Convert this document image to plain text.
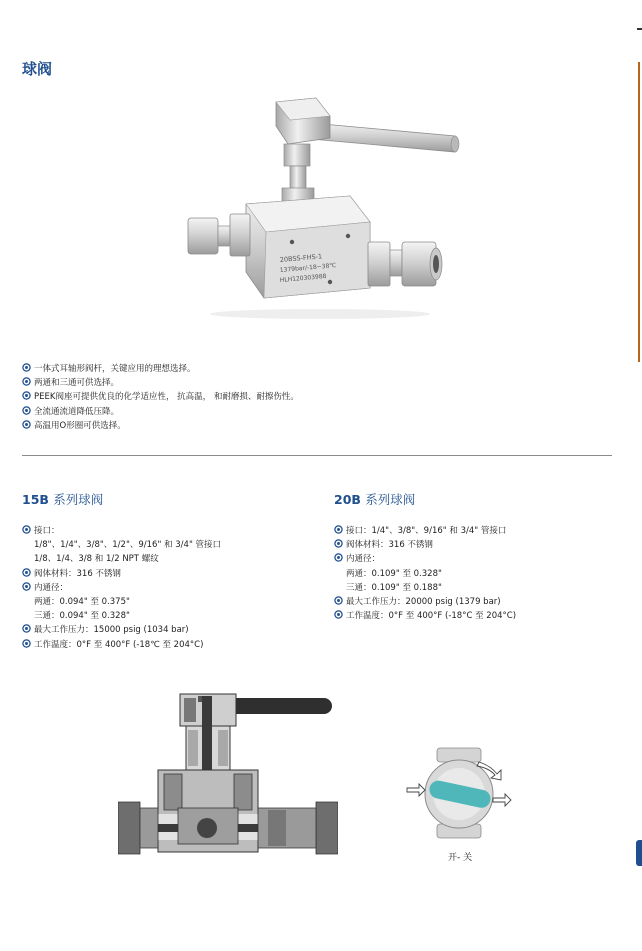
球阀
20BSS-FHS-1
1379bar/-18~38℃
HLH120303988
一体式耳轴形阀杆，关键应用的理想选择。
两通和三通可供选择。
PEEK阀座可提供优良的化学适应性， 抗高温， 和耐磨损、耐擦伤性。
全流通流道降低压降。
高温用O形圈可供选择。
15B 系列球阀
接口：
1/8"、1/4"、3/8"、1/2"、9/16" 和 3/4" 管接口
1/8、1/4、3/8 和 1/2 NPT 螺纹
阀体材料：316 不锈钢
内通径：
两通：0.094" 至 0.375"
三通：0.094" 至 0.328"
最大工作压力：15000 psig (1034 bar)
工作温度：0°F 至 400°F (-18℃ 至 204°C)
20B 系列球阀
接口：1/4"、3/8"、9/16" 和 3/4" 管接口
阀体材料：316 不锈钢
内通径：
两通：0.109" 至 0.328"
三通：0.109" 至 0.188"
最大工作压力：20000 psig (1379 bar)
工作温度：0°F 至 400°F (-18°C 至 204°C)
开- 关
